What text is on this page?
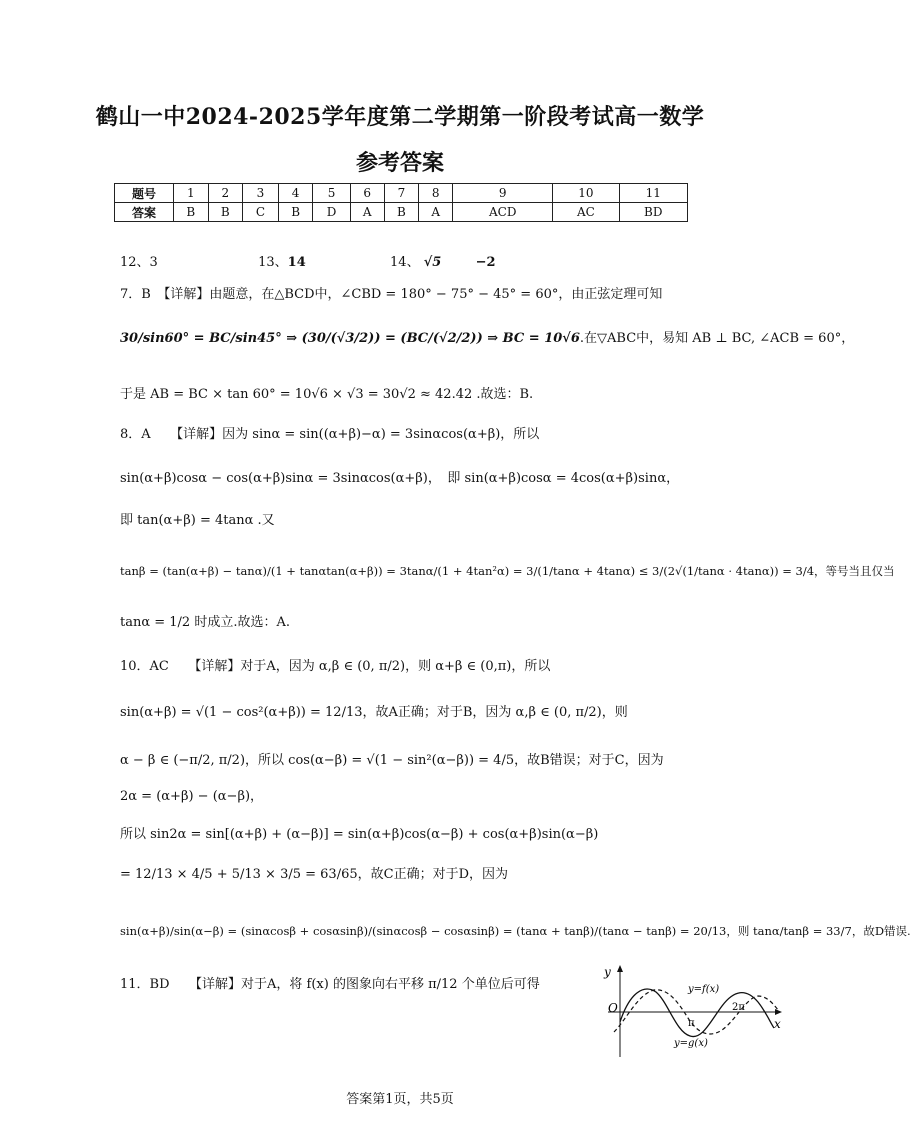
鹤山一中2024-2025学年度第二学期第一阶段考试高一数学
参考答案
题号	1	2	3	4	5	6	7	8	9	10	11
答案	B	B	C	B	D	A	B	A	ACD	AC	BD
12、3	13、14	14、 √5	−2
7．B　【详解】由题意，在△BCD中，∠CBD = 180° − 75° − 45° = 60°，由正弦定理可知
30/sin60° = BC/sin45° ⇒ (30/(√3/2)) = (BC/(√2/2)) ⇒ BC = 10√6.在▽ABC中，易知 AB ⊥ BC, ∠ACB = 60°，
于是 AB = BC × tan 60° = 10√6 × √3 = 30√2 ≈ 42.42 .故选：B.
8．A　　【详解】因为 sinα = sin((α+β)−α) = 3sinαcos(α+β)，所以
sin(α+β)cosα − cos(α+β)sinα = 3sinαcos(α+β)，　即 sin(α+β)cosα = 4cos(α+β)sinα，
即 tan(α+β) = 4tanα .又
tanβ = (tan(α+β) − tanα)/(1 + tanαtan(α+β)) = 3tanα/(1 + 4tan²α) = 3/(1/tanα + 4tanα) ≤ 3/(2√(1/tanα · 4tanα)) = 3/4，等号当且仅当
tanα = 1/2 时成立.故选：A.
10．AC　　【详解】对于A，因为 α,β ∈ (0, π/2)，则 α+β ∈ (0,π)，所以
sin(α+β) = √(1 − cos²(α+β)) = 12/13，故A正确；对于B，因为 α,β ∈ (0, π/2)，则
α − β ∈ (−π/2, π/2)，所以 cos(α−β) = √(1 − sin²(α−β)) = 4/5，故B错误；对于C，因为
2α = (α+β) − (α−β)，
所以 sin2α = sin[(α+β) + (α−β)] = sin(α+β)cos(α−β) + cos(α+β)sin(α−β)
= 12/13 × 4/5 + 5/13 × 3/5 = 63/65，故C正确；对于D，因为
sin(α+β)/sin(α−β) = (sinαcosβ + cosαsinβ)/(sinαcosβ − cosαsinβ) = (tanα + tanβ)/(tanα − tanβ) = 20/13，则 tanα/tanβ = 33/7，故D错误.
11．BD　　【详解】对于A，将 f(x) 的图象向右平移 π/12 个单位后可得
y
x
O
y=f(x)
y=g(x)
π
2π
答案第1页，共5页
